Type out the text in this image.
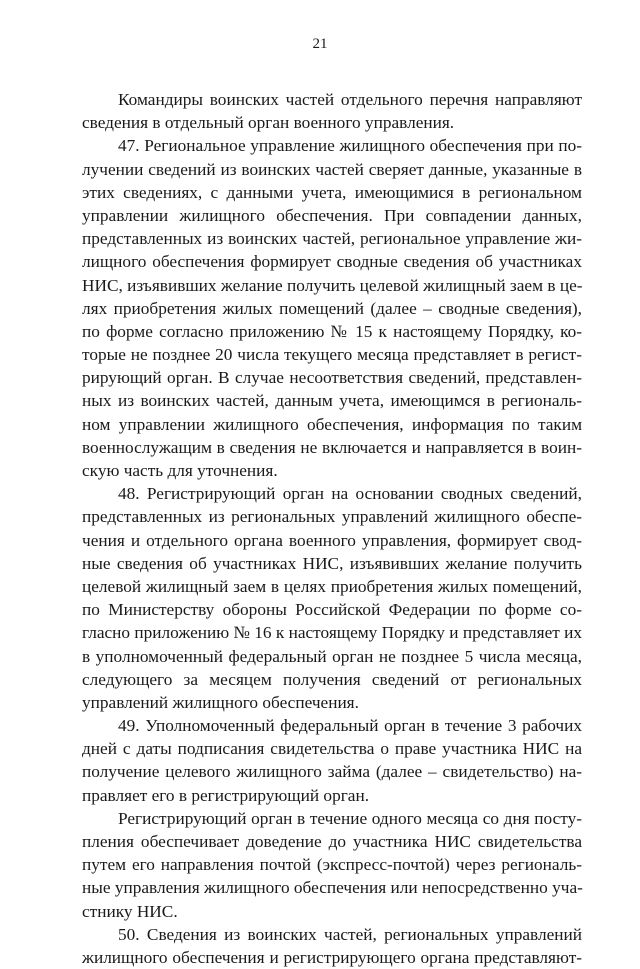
21
Командиры воинских частей отдельного перечня направляют
сведения в отдельный орган военного управления.
47. Региональное управление жилищного обеспечения при по-
лучении сведений из воинских частей сверяет данные, указанные в
этих сведениях, с данными учета, имеющимися в региональном
управлении жилищного обеспечения. При совпадении данных,
представленных из воинских частей, региональное управление жи-
лищного обеспечения формирует сводные сведения об участниках
НИС, изъявивших желание получить целевой жилищный заем в це-
лях приобретения жилых помещений (далее – сводные сведения),
по форме согласно приложению № 15 к настоящему Порядку, ко-
торые не позднее 20 числа текущего месяца представляет в регист-
рирующий орган. В случае несоответствия сведений, представлен-
ных из воинских частей, данным учета, имеющимся в региональ-
ном управлении жилищного обеспечения, информация по таким
военнослужащим в сведения не включается и направляется в воин-
скую часть для уточнения.
48. Регистрирующий орган на основании сводных сведений,
представленных из региональных управлений жилищного обеспе-
чения и отдельного органа военного управления, формирует свод-
ные сведения об участниках НИС, изъявивших желание получить
целевой жилищный заем в целях приобретения жилых помещений,
по Министерству обороны Российской Федерации по форме со-
гласно приложению № 16 к настоящему Порядку и представляет их
в уполномоченный федеральный орган не позднее 5 числа месяца,
следующего за месяцем получения сведений от региональных
управлений жилищного обеспечения.
49. Уполномоченный федеральный орган в течение 3 рабочих
дней с даты подписания свидетельства о праве участника НИС на
получение целевого жилищного займа (далее – свидетельство) на-
правляет его в регистрирующий орган.
Регистрирующий орган в течение одного месяца со дня посту-
пления обеспечивает доведение до участника НИС свидетельства
путем его направления почтой (экспресс-почтой) через региональ-
ные управления жилищного обеспечения или непосредственно уча-
стнику НИС.
50. Сведения из воинских частей, региональных управлений
жилищного обеспечения и регистрирующего органа представляют-
